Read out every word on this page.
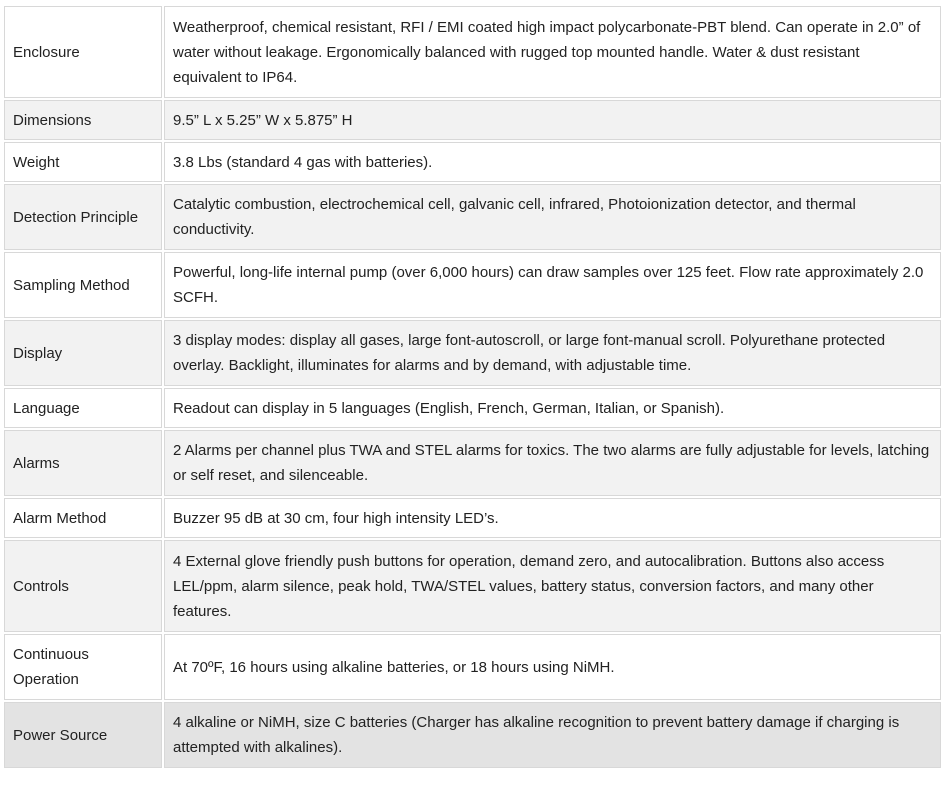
Enclosure	Weatherproof, chemical resistant, RFI / EMI coated high impact polycarbonate-PBT blend. Can operate in 2.0” of water without leakage. Ergonomically balanced with rugged top mounted handle. Water & dust resistant equivalent to IP64.
Dimensions	9.5” L x 5.25” W x 5.875” H
Weight	3.8 Lbs (standard 4 gas with batteries).
Detection Principle	Catalytic combustion, electrochemical cell, galvanic cell, infrared, Photoionization detector, and thermal conductivity.
Sampling Method	Powerful, long-life internal pump (over 6,000 hours) can draw samples over 125 feet. Flow rate approximately 2.0 SCFH.
Display	3 display modes: display all gases, large font-autoscroll, or large font-manual scroll. Polyurethane protected overlay. Backlight, illuminates for alarms and by demand, with adjustable time.
Language	Readout can display in 5 languages (English, French, German, Italian, or Spanish).
Alarms	2 Alarms per channel plus TWA and STEL alarms for toxics. The two alarms are fully adjustable for levels, latching or self reset, and silenceable.
Alarm Method	Buzzer 95 dB at 30 cm, four high intensity LED’s.
Controls	4 External glove friendly push buttons for operation, demand zero, and autocalibration. Buttons also access LEL/ppm, alarm silence, peak hold, TWA/STEL values, battery status, conversion factors, and many other features.
Continuous Operation	At 70ºF, 16 hours using alkaline batteries, or 18 hours using NiMH.
Power Source	4 alkaline or NiMH, size C batteries (Charger has alkaline recognition to prevent battery damage if charging is attempted with alkalines).
